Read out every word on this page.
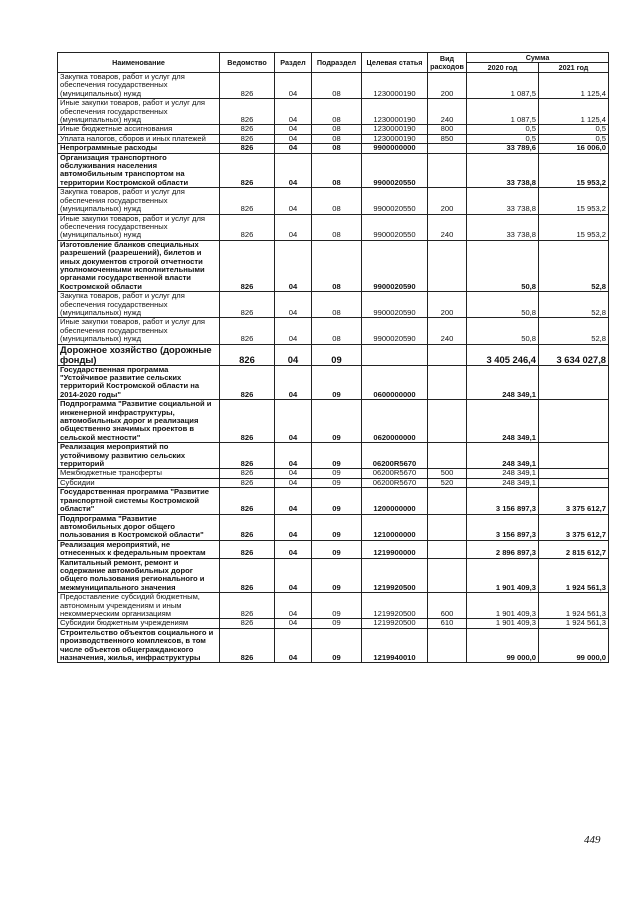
Наименование	Ведомство	Раздел	Подраздел	Целевая статья	Вид расходов	Сумма	
						2020 год	2021 год
Закупка товаров, работ и услуг для обеспечения государственных (муниципальных) нужд	826	04	08	1230000190	200	1 087,5	1 125,4
Иные закупки товаров, работ и услуг для обеспечения государственных (муниципальных) нужд	826	04	08	1230000190	240	1 087,5	1 125,4
Иные бюджетные ассигнования	826	04	08	1230000190	800	0,5	0,5
Уплата налогов, сборов и иных платежей	826	04	08	1230000190	850	0,5	0,5
Непрограммные расходы	826	04	08	9900000000		33 789,6	16 006,0
Организация транспортного обслуживания населения автомобильным транспортом на территории Костромской области	826	04	08	9900020550		33 738,8	15 953,2
Закупка товаров, работ и услуг для обеспечения государственных (муниципальных) нужд	826	04	08	9900020550	200	33 738,8	15 953,2
Иные закупки товаров, работ и услуг для обеспечения государственных (муниципальных) нужд	826	04	08	9900020550	240	33 738,8	15 953,2
Изготовление бланков специальных разрешений (разрешений), билетов и иных документов строгой отчетности уполномоченными исполнительными органами государственной власти Костромской области	826	04	08	9900020590		50,8	52,8
Закупка товаров, работ и услуг для обеспечения государственных (муниципальных) нужд	826	04	08	9900020590	200	50,8	52,8
Иные закупки товаров, работ и услуг для обеспечения государственных (муниципальных) нужд	826	04	08	9900020590	240	50,8	52,8
Дорожное хозяйство (дорожные фонды)	826	04	09			3 405 246,4	3 634 027,8
Государственная программа "Устойчивое развитие сельских территорий Костромской области на 2014-2020 годы"	826	04	09	0600000000		248 349,1	
Подпрограмма "Развитие социальной и инженерной инфраструктуры, автомобильных дорог и реализация общественно значимых проектов в сельской местности"	826	04	09	0620000000		248 349,1	
Реализация мероприятий по устойчивому развитию сельских территорий	826	04	09	06200R5670		248 349,1	
Межбюджетные трансферты	826	04	09	06200R5670	500	248 349,1	
Субсидии	826	04	09	06200R5670	520	248 349,1	
Государственная программа "Развитие транспортной системы Костромской области"	826	04	09	1200000000		3 156 897,3	3 375 612,7
Подпрограмма "Развитие автомобильных дорог общего пользования в Костромской области"	826	04	09	1210000000		3 156 897,3	3 375 612,7
Реализация мероприятий, не отнесенных к федеральным проектам	826	04	09	1219900000		2 896 897,3	2 815 612,7
Капитальный ремонт, ремонт и содержание автомобильных дорог общего пользования регионального и межмуниципального значения	826	04	09	1219920500		1 901 409,3	1 924 561,3
Предоставление субсидий бюджетным, автономным учреждениям и иным некоммерческим организациям	826	04	09	1219920500	600	1 901 409,3	1 924 561,3
Субсидии бюджетным учреждениям	826	04	09	1219920500	610	1 901 409,3	1 924 561,3
Строительство объектов социального и производственного комплексов, в том числе объектов общегражданского назначения, жилья, инфраструктуры	826	04	09	1219940010		99 000,0	99 000,0
449
